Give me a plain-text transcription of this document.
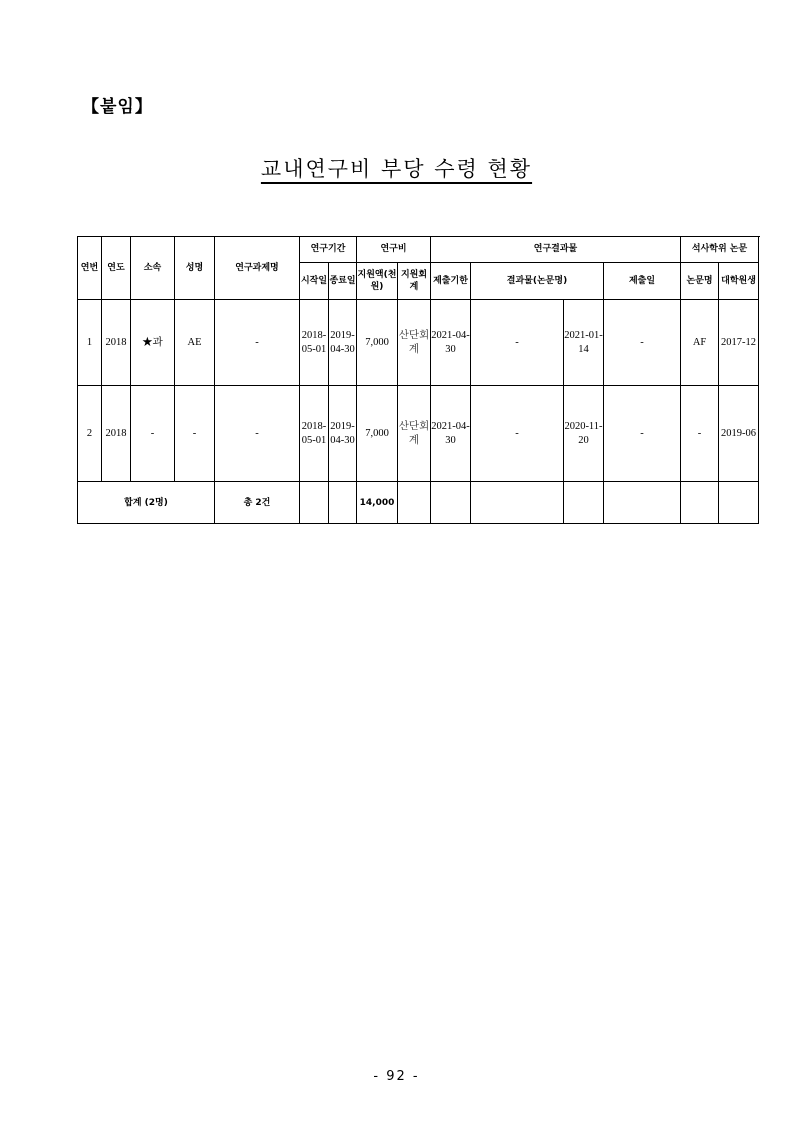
【붙임】
교내연구비 부당 수령 현황
연번	연도	소속	성명	연구과제명	연구기간		연구비		연구결과물				석사학위 논문		
					시작일	종료일	지원액(천원)	지원회계	제출기한	결과물(논문명)		제출일	논문명	대학원생	
1	2018	★과	AE	-	2018-05-01	2019-04-30	7,000	산단회계	2021-04-30	-	2021-01-14	-	AF	2017-12	
2	2018	-	-	-	2018-05-01	2019-04-30	7,000	산단회계	2021-04-30	-	2020-11-20	-	-	2019-06	
합계 (2명)				총 2건			14,000								
- 92 -
